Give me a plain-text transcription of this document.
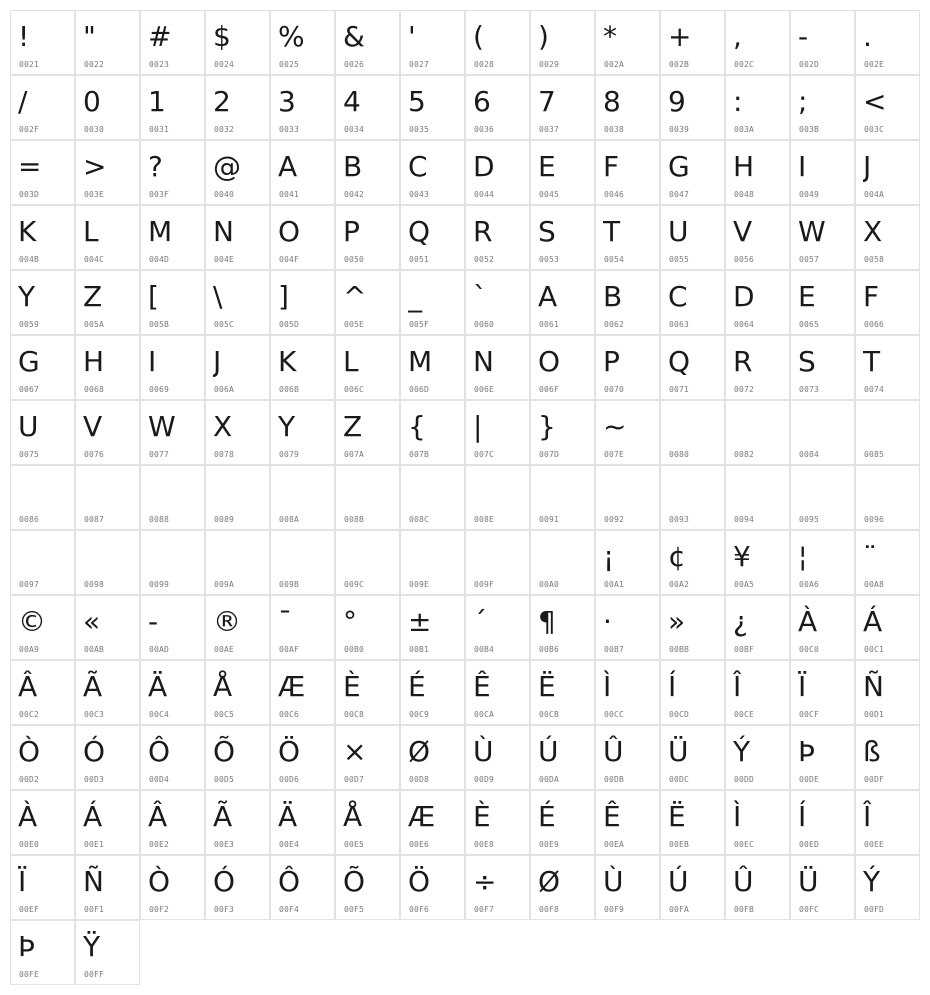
!
0021
"
0022
#
0023
$
0024
%
0025
&
0026
'
0027
(
0028
)
0029
*
002A
+
002B
,
002C
-
002D
.
002E
/
002F
0
0030
1
0031
2
0032
3
0033
4
0034
5
0035
6
0036
7
0037
8
0038
9
0039
:
003A
;
003B
<
003C
=
003D
>
003E
?
003F
@
0040
A
0041
B
0042
C
0043
D
0044
E
0045
F
0046
G
0047
H
0048
I
0049
J
004A
K
004B
L
004C
M
004D
N
004E
O
004F
P
0050
Q
0051
R
0052
S
0053
T
0054
U
0055
V
0056
W
0057
X
0058
Y
0059
Z
005A
[
005B
\
005C
]
005D
^
005E
_
005F
`
0060
A
0061
B
0062
C
0063
D
0064
E
0065
F
0066
G
0067
H
0068
I
0069
J
006A
K
006B
L
006C
M
006D
N
006E
O
006F
P
0070
Q
0071
R
0072
S
0073
T
0074
U
0075
V
0076
W
0077
X
0078
Y
0079
Z
007A
{
007B
|
007C
}
007D
~
007E	0080	0082	0084	0085
0086	0087	0088	0089	008A	008B	008C	008E	0091	0092	0093	0094	0095	0096
0097	0098	0099	009A	009B	009C	009E	009F	00A0
¡
00A1
¢
00A2
¥
00A5
¦
00A6
¨
00A8
©
00A9
«
00AB
-
00AD
®
00AE
¯
00AF
°
00B0
±
00B1
´
00B4
¶
00B6
·
00B7
»
00BB
¿
00BF
À
00C0
Á
00C1
Â
00C2
Ã
00C3
Ä
00C4
Å
00C5
Æ
00C6
È
00C8
É
00C9
Ê
00CA
Ë
00CB
Ì
00CC
Í
00CD
Î
00CE
Ï
00CF
Ñ
00D1
Ò
00D2
Ó
00D3
Ô
00D4
Õ
00D5
Ö
00D6
×
00D7
Ø
00D8
Ù
00D9
Ú
00DA
Û
00DB
Ü
00DC
Ý
00DD
Þ
00DE
ß
00DF
À
00E0
Á
00E1
Â
00E2
Ã
00E3
Ä
00E4
Å
00E5
Æ
00E6
È
00E8
É
00E9
Ê
00EA
Ë
00EB
Ì
00EC
Í
00ED
Î
00EE
Ï
00EF
Ñ
00F1
Ò
00F2
Ó
00F3
Ô
00F4
Õ
00F5
Ö
00F6
÷
00F7
Ø
00F8
Ù
00F9
Ú
00FA
Û
00FB
Ü
00FC
Ý
00FD
Þ
00FE
Ÿ
00FF
